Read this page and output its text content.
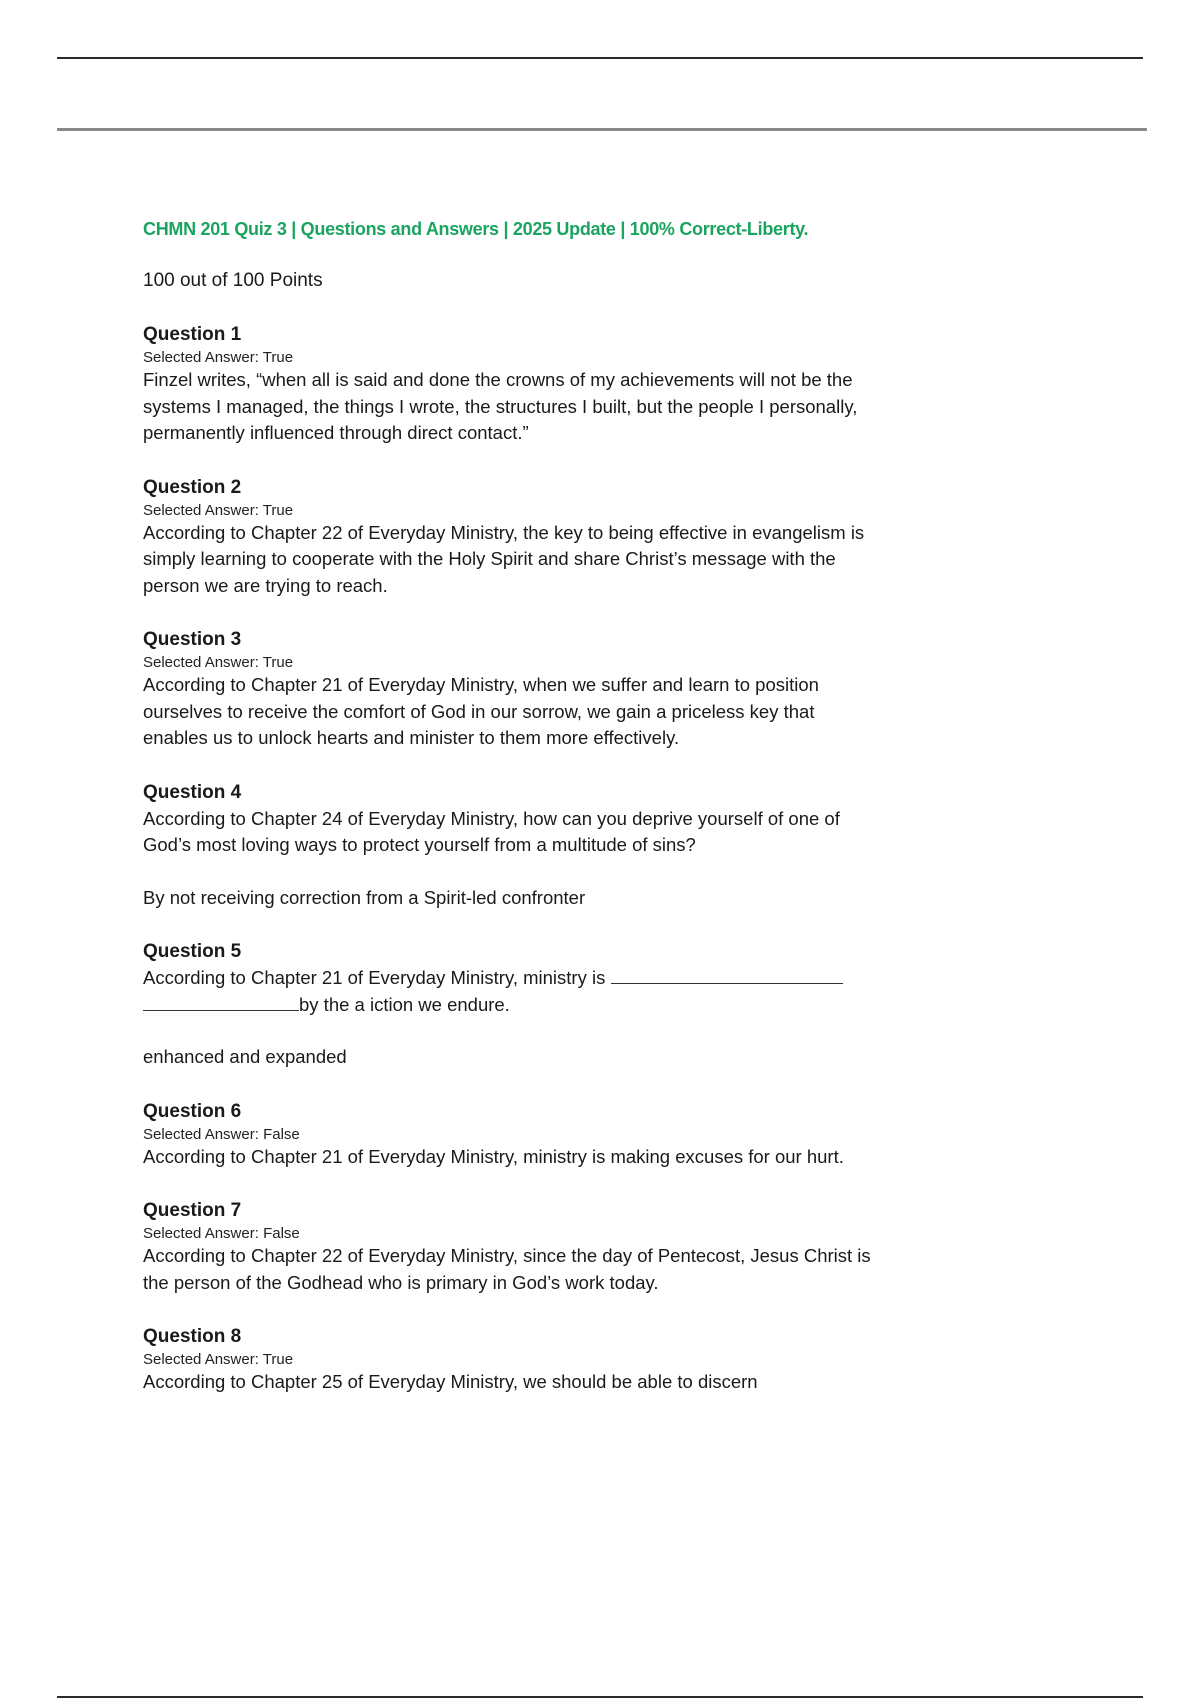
CHMN 201 Quiz 3 | Questions and Answers | 2025 Update | 100% Correct-Liberty.
100 out of 100 Points
Question 1
Selected Answer: True
Finzel writes, “when all is said and done the crowns of my achievements will not be the systems I managed, the things I wrote, the structures I built, but the people I personally, permanently influenced through direct contact.”
Question 2
Selected Answer: True
According to Chapter 22 of Everyday Ministry, the key to being effective in evangelism is simply learning to cooperate with the Holy Spirit and share Christ’s message with the person we are trying to reach.
Question 3
Selected Answer: True
According to Chapter 21 of Everyday Ministry, when we suffer and learn to position ourselves to receive the comfort of God in our sorrow, we gain a priceless key that enables us to unlock hearts and minister to them more effectively.
Question 4
According to Chapter 24 of Everyday Ministry, how can you deprive yourself of one of God’s most loving ways to protect yourself from a multitude of sins?
By not receiving correction from a Spirit-led confronter
Question 5
According to Chapter 21 of Everyday Ministry, ministry is
by the a iction we endure.
enhanced and expanded
Question 6
Selected Answer: False
According to Chapter 21 of Everyday Ministry, ministry is making excuses for our hurt.
Question 7
Selected Answer: False
According to Chapter 22 of Everyday Ministry, since the day of Pentecost, Jesus Christ is the person of the Godhead who is primary in God’s work today.
Question 8
Selected Answer: True
According to Chapter 25 of Everyday Ministry, we should be able to discern
